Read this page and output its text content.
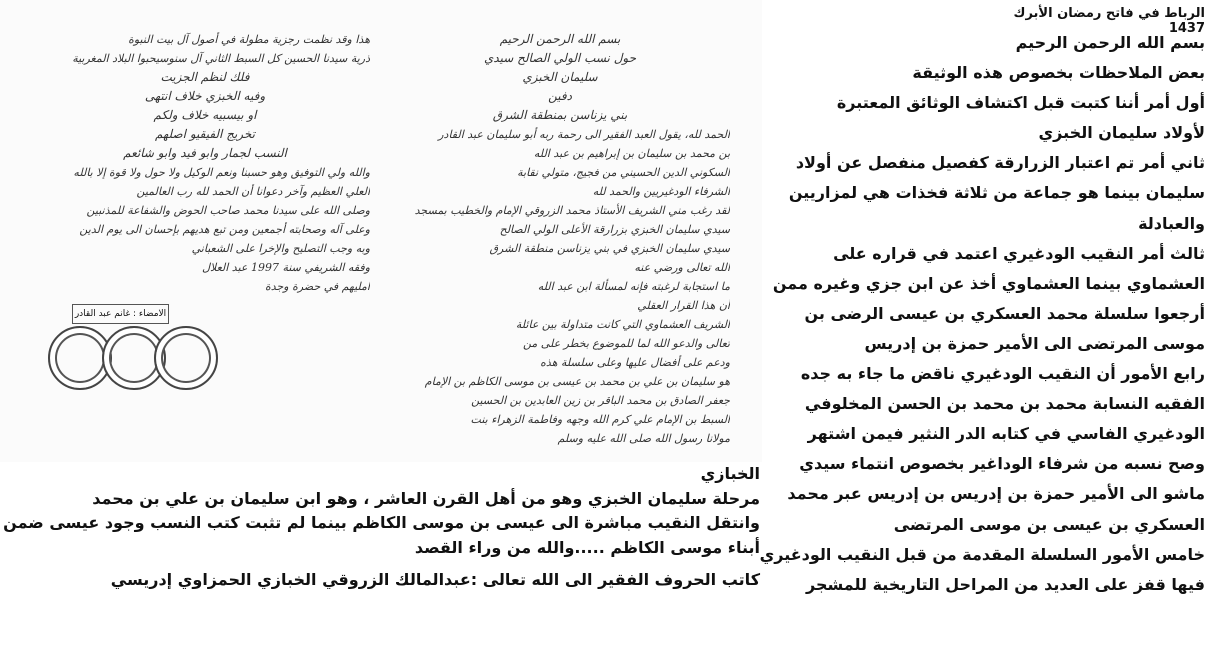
هذا وقد نظمت رجزية مطولة في أصول آل بيت النبوة
ذرية سيدنا الحسين كل السبط الثاني آل سنوسيحبوا البلاد المغربية
فلك لنظم الجزيت
وفيه الخبزي خلاف انتهى
او بيسبيه خلاف ولكم
تخريج الفيقيو اصلهم
النسب لجمار وابو فيد وابو شائعم
والله ولي التوفيق وهو حسبنا ونعم الوكيل ولا حول ولا قوة إلا بالله
العلي العظيم وآخر دعوانا أن الحمد لله رب العالمين
وصلى الله على سيدنا محمد صاحب الحوض والشفاعة للمذنبين
وعلى آله وصحابته أجمعين ومن تبع هديهم بإحسان الى يوم الدين
وبه وجب التصليح والإخرا على الشعباني
وفقه الشريفي سنة 1997 عبد العلال
امليهم في حضرة وجدة
الامضاء : غانم عبد القادر
بسم الله الرحمن الرحيم
حول نسب الولي الصالح سيدي
سليمان الخبزي
دفين
بني يزناسن بمنطقة الشرق
الحمد لله، يقول العبد الفقير الى رحمة ربه أبو سليمان عبد القادر
بن محمد بن سليمان بن إبراهيم بن عبد الله
السكوني الدين الحسيني من فجيج، متولي نقابة
الشرفاء الودغيريين والحمد لله
لقد رغب مني الشريف الأستاذ محمد الزروقي الإمام والخطيب بمسجد
سيدي سليمان الخبزي بزرارقة الأعلى الولي الصالح
سيدي سليمان الخبزي في بني يزناسن منطقة الشرق
الله تعالى ورضي عنه
ما استجابة لرغبته فإنه لمسألة ابن عبد الله
أن هذا القرار العقلي
الشريف العشماوي التي كانت متداولة بين عائلة
تعالى والدعو الله لما للموضوع بخطر على من
ودعم على أفضال عليها وعلى سلسلة هذه
هو سليمان بن علي بن محمد بن عيسى بن موسى الكاظم بن الإمام
جعفر الصادق بن محمد الباقر بن زين العابدين بن الحسين
السبط بن الإمام علي كرم الله وجهه وفاطمة الزهراء بنت
مولانا رسول الله صلى الله عليه وسلم
الرباط في فاتح رمضان الأبرك 1437
بسم الله الرحمن الرحيم
بعض الملاحظات بخصوص هذه الوثيقة
أول أمر أننا كتبت قبل اكتشاف الوثائق المعتبرة
لأولاد سليمان الخبزي
ثاني أمر تم اعتبار الزرارقة كفصيل منفصل عن أولاد
سليمان بينما هو جماعة من ثلاثة فخذات هي لمزاريين
والعبادلة
ثالث أمر النقيب الودغيري اعتمد في قراره على
العشماوي بينما العشماوي أخذ عن ابن جزي وغيره ممن
أرجعوا سلسلة محمد العسكري بن عيسى الرضى بن
موسى المرتضى الى الأمير حمزة بن إدريس
رابع الأمور أن النقيب الودغيري ناقض ما جاء به جده
الفقيه النسابة محمد بن محمد بن الحسن المخلوفي
الودغيري الفاسي في كتابه الدر النثير فيمن اشتهر
وصح نسبه من شرفاء الوداغير بخصوص انتماء سيدي
ماشو الى الأمير حمزة بن إدريس بن إدريس عبر محمد
العسكري بن عيسى بن موسى المرتضى
خامس الأمور السلسلة المقدمة من قبل النقيب الودغيري
فيها قفز على العديد من المراحل التاريخية للمشجر
الخبازي
مرحلة سليمان الخبزي وهو من أهل القرن العاشر ، وهو ابن سليمان بن علي بن محمد
وانتقل النقيب مباشرة الى عيسى بن موسى الكاظم بينما لم تثبت كتب النسب وجود عيسى ضمن
أبناء موسى الكاظم .....والله من وراء القصد
كاتب الحروف الفقير الى الله تعالى :عبدالمالك الزروقي الخبازي الحمزاوي إدريسي
